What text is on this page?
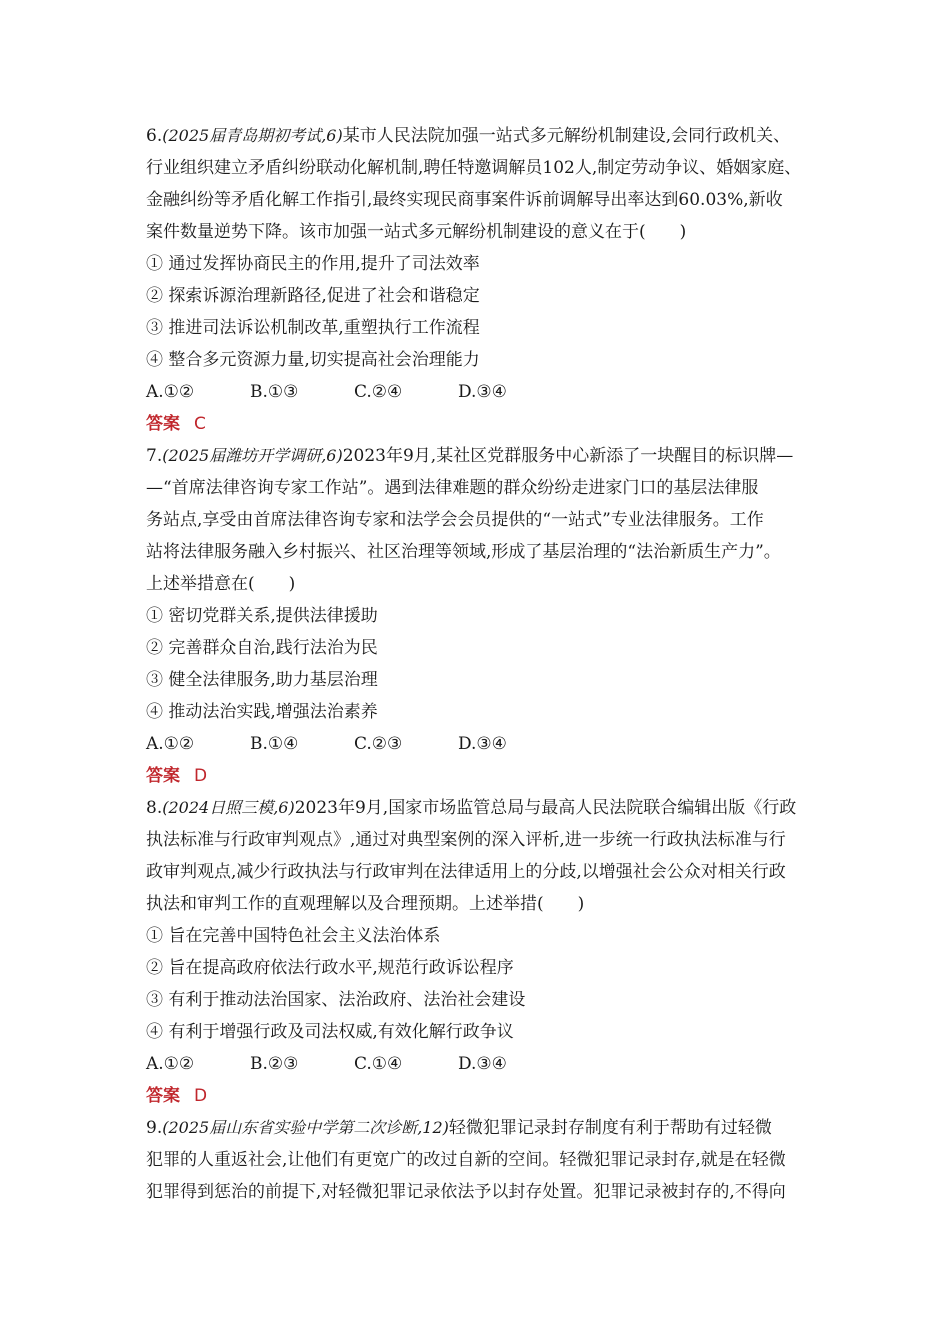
6.(2025届青岛期初考试,6)某市人民法院加强一站式多元解纷机制建设,会同行政机关、
行业组织建立矛盾纠纷联动化解机制,聘任特邀调解员102人,制定劳动争议、婚姻家庭、
金融纠纷等矛盾化解工作指引,最终实现民商事案件诉前调解导出率达到60.03%,新收
案件数量逆势下降。该市加强一站式多元解纷机制建设的意义在于(　　)
① 通过发挥协商民主的作用,提升了司法效率
② 探索诉源治理新路径,促进了社会和谐稳定
③ 推进司法诉讼机制改革,重塑执行工作流程
④ 整合多元资源力量,切实提高社会治理能力
A.①②	B.①③	C.②④	D.③④
答案 C
7.(2025届潍坊开学调研,6)2023年9月,某社区党群服务中心新添了一块醒目的标识牌—
—“首席法律咨询专家工作站”。遇到法律难题的群众纷纷走进家门口的基层法律服
务站点,享受由首席法律咨询专家和法学会会员提供的“一站式”专业法律服务。工作
站将法律服务融入乡村振兴、社区治理等领域,形成了基层治理的“法治新质生产力”。
上述举措意在(　　)
① 密切党群关系,提供法律援助
② 完善群众自治,践行法治为民
③ 健全法律服务,助力基层治理
④ 推动法治实践,增强法治素养
A.①②	B.①④	C.②③	D.③④
答案 D
8.(2024日照三模,6)2023年9月,国家市场监管总局与最高人民法院联合编辑出版《行政
执法标准与行政审判观点》,通过对典型案例的深入评析,进一步统一行政执法标准与行
政审判观点,减少行政执法与行政审判在法律适用上的分歧,以增强社会公众对相关行政
执法和审判工作的直观理解以及合理预期。上述举措(　　)
① 旨在完善中国特色社会主义法治体系
② 旨在提高政府依法行政水平,规范行政诉讼程序
③ 有利于推动法治国家、法治政府、法治社会建设
④ 有利于增强行政及司法权威,有效化解行政争议
A.①②	B.②③	C.①④	D.③④
答案 D
9.(2025届山东省实验中学第二次诊断,12)轻微犯罪记录封存制度有利于帮助有过轻微
犯罪的人重返社会,让他们有更宽广的改过自新的空间。轻微犯罪记录封存,就是在轻微
犯罪得到惩治的前提下,对轻微犯罪记录依法予以封存处置。犯罪记录被封存的,不得向
